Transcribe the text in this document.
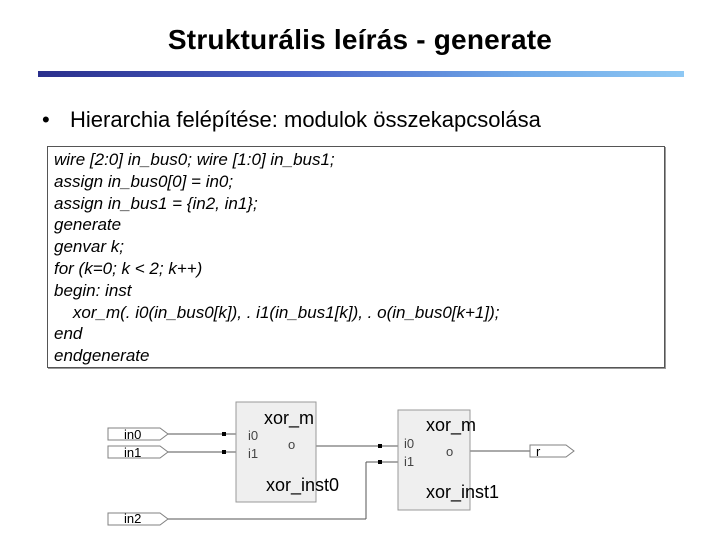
Strukturális leírás - generate
• Hierarchia felépítése: modulok összekapcsolása
wire [2:0] in_bus0; wire [1:0] in_bus1;
assign in_bus0[0] = in0;
assign in_bus1 = {in2, in1};
generate
genvar k;
for (k=0; k < 2; k++)
begin: inst
xor_m(. i0(in_bus0[k]), . i1(in_bus1[k]), . o(in_bus0[k+1]);
end
endgenerate
in0
in1
in2
xor_m
i0
i1
o
xor_inst0
xor_m
i0
i1
o
xor_inst1
r
